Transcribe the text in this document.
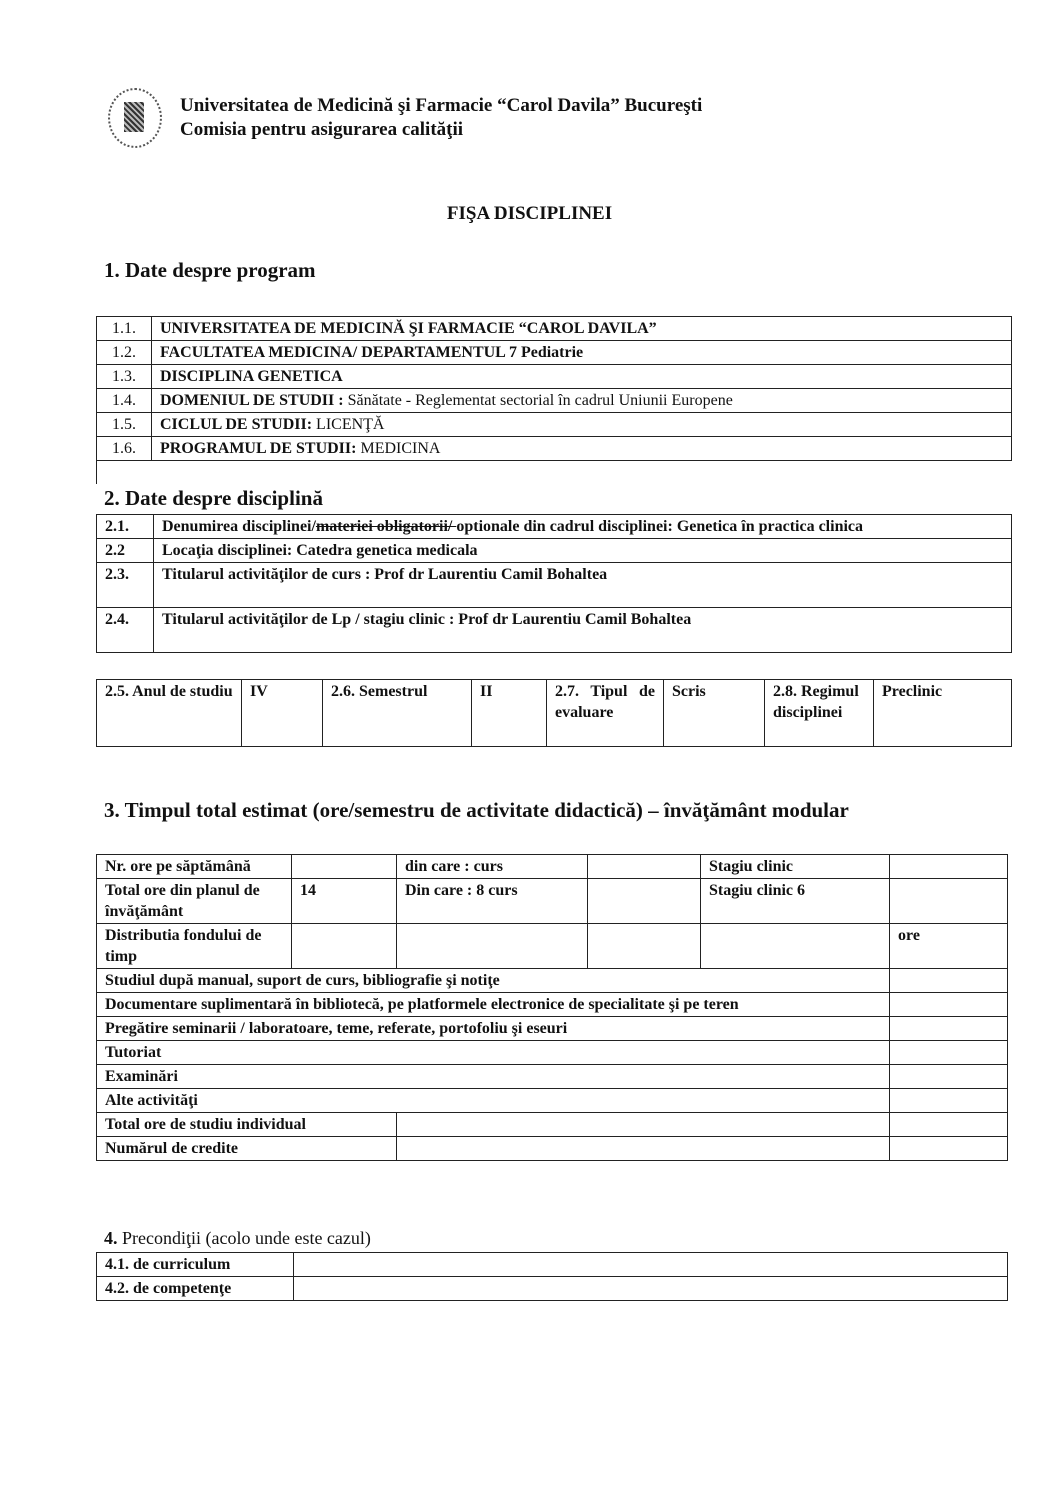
Universitatea de Medicină şi Farmacie “Carol Davila” Bucureşti
Comisia pentru asigurarea calităţii
FIŞA DISCIPLINEI
1. Date despre program
1.1.	UNIVERSITATEA DE MEDICINĂ ŞI FARMACIE “CAROL DAVILA”
1.2.	FACULTATEA MEDICINA/ DEPARTAMENTUL 7 Pediatrie
1.3.	DISCIPLINA GENETICA
1.4.	DOMENIUL DE STUDII : Sănătate - Reglementat sectorial în cadrul Uniunii Europene
1.5.	CICLUL DE STUDII: LICENŢĂ
1.6.	PROGRAMUL DE STUDII: MEDICINA
2. Date despre disciplină
2.1.	Denumirea disciplinei/materiei obligatorii/ optionale din cadrul disciplinei: Genetica în practica clinica
2.2	Locaţia disciplinei: Catedra genetica medicala
2.3.	Titularul activităţilor de curs : Prof dr Laurentiu Camil Bohaltea
2.4.	Titularul activităţilor de Lp / stagiu clinic : Prof dr Laurentiu Camil Bohaltea
2.5. Anul de studiu	IV	2.6. Semestrul	II	2.7. Tipul de evaluare	Scris	2.8. Regimul disciplinei	Preclinic
3. Timpul total estimat (ore/semestru de activitate didactică) – învăţământ modular
Nr. ore pe săptămână		din care : curs		Stagiu clinic	
Total ore din planul de învăţământ	14	Din care : 8 curs		Stagiu clinic 6	
Distributia fondului de timp					ore
Studiul după manual, suport de curs, bibliografie şi notiţe					
Documentare suplimentară în bibliotecă, pe platformele electronice de specialitate şi pe teren					
Pregătire seminarii / laboratoare, teme, referate, portofoliu şi eseuri					
Tutoriat					
Examinări					
Alte activităţi					
Total ore de studiu individual					
Numărul de credite					
4. Precondiţii (acolo unde este cazul)
4.1. de curriculum	
4.2. de competenţe	
